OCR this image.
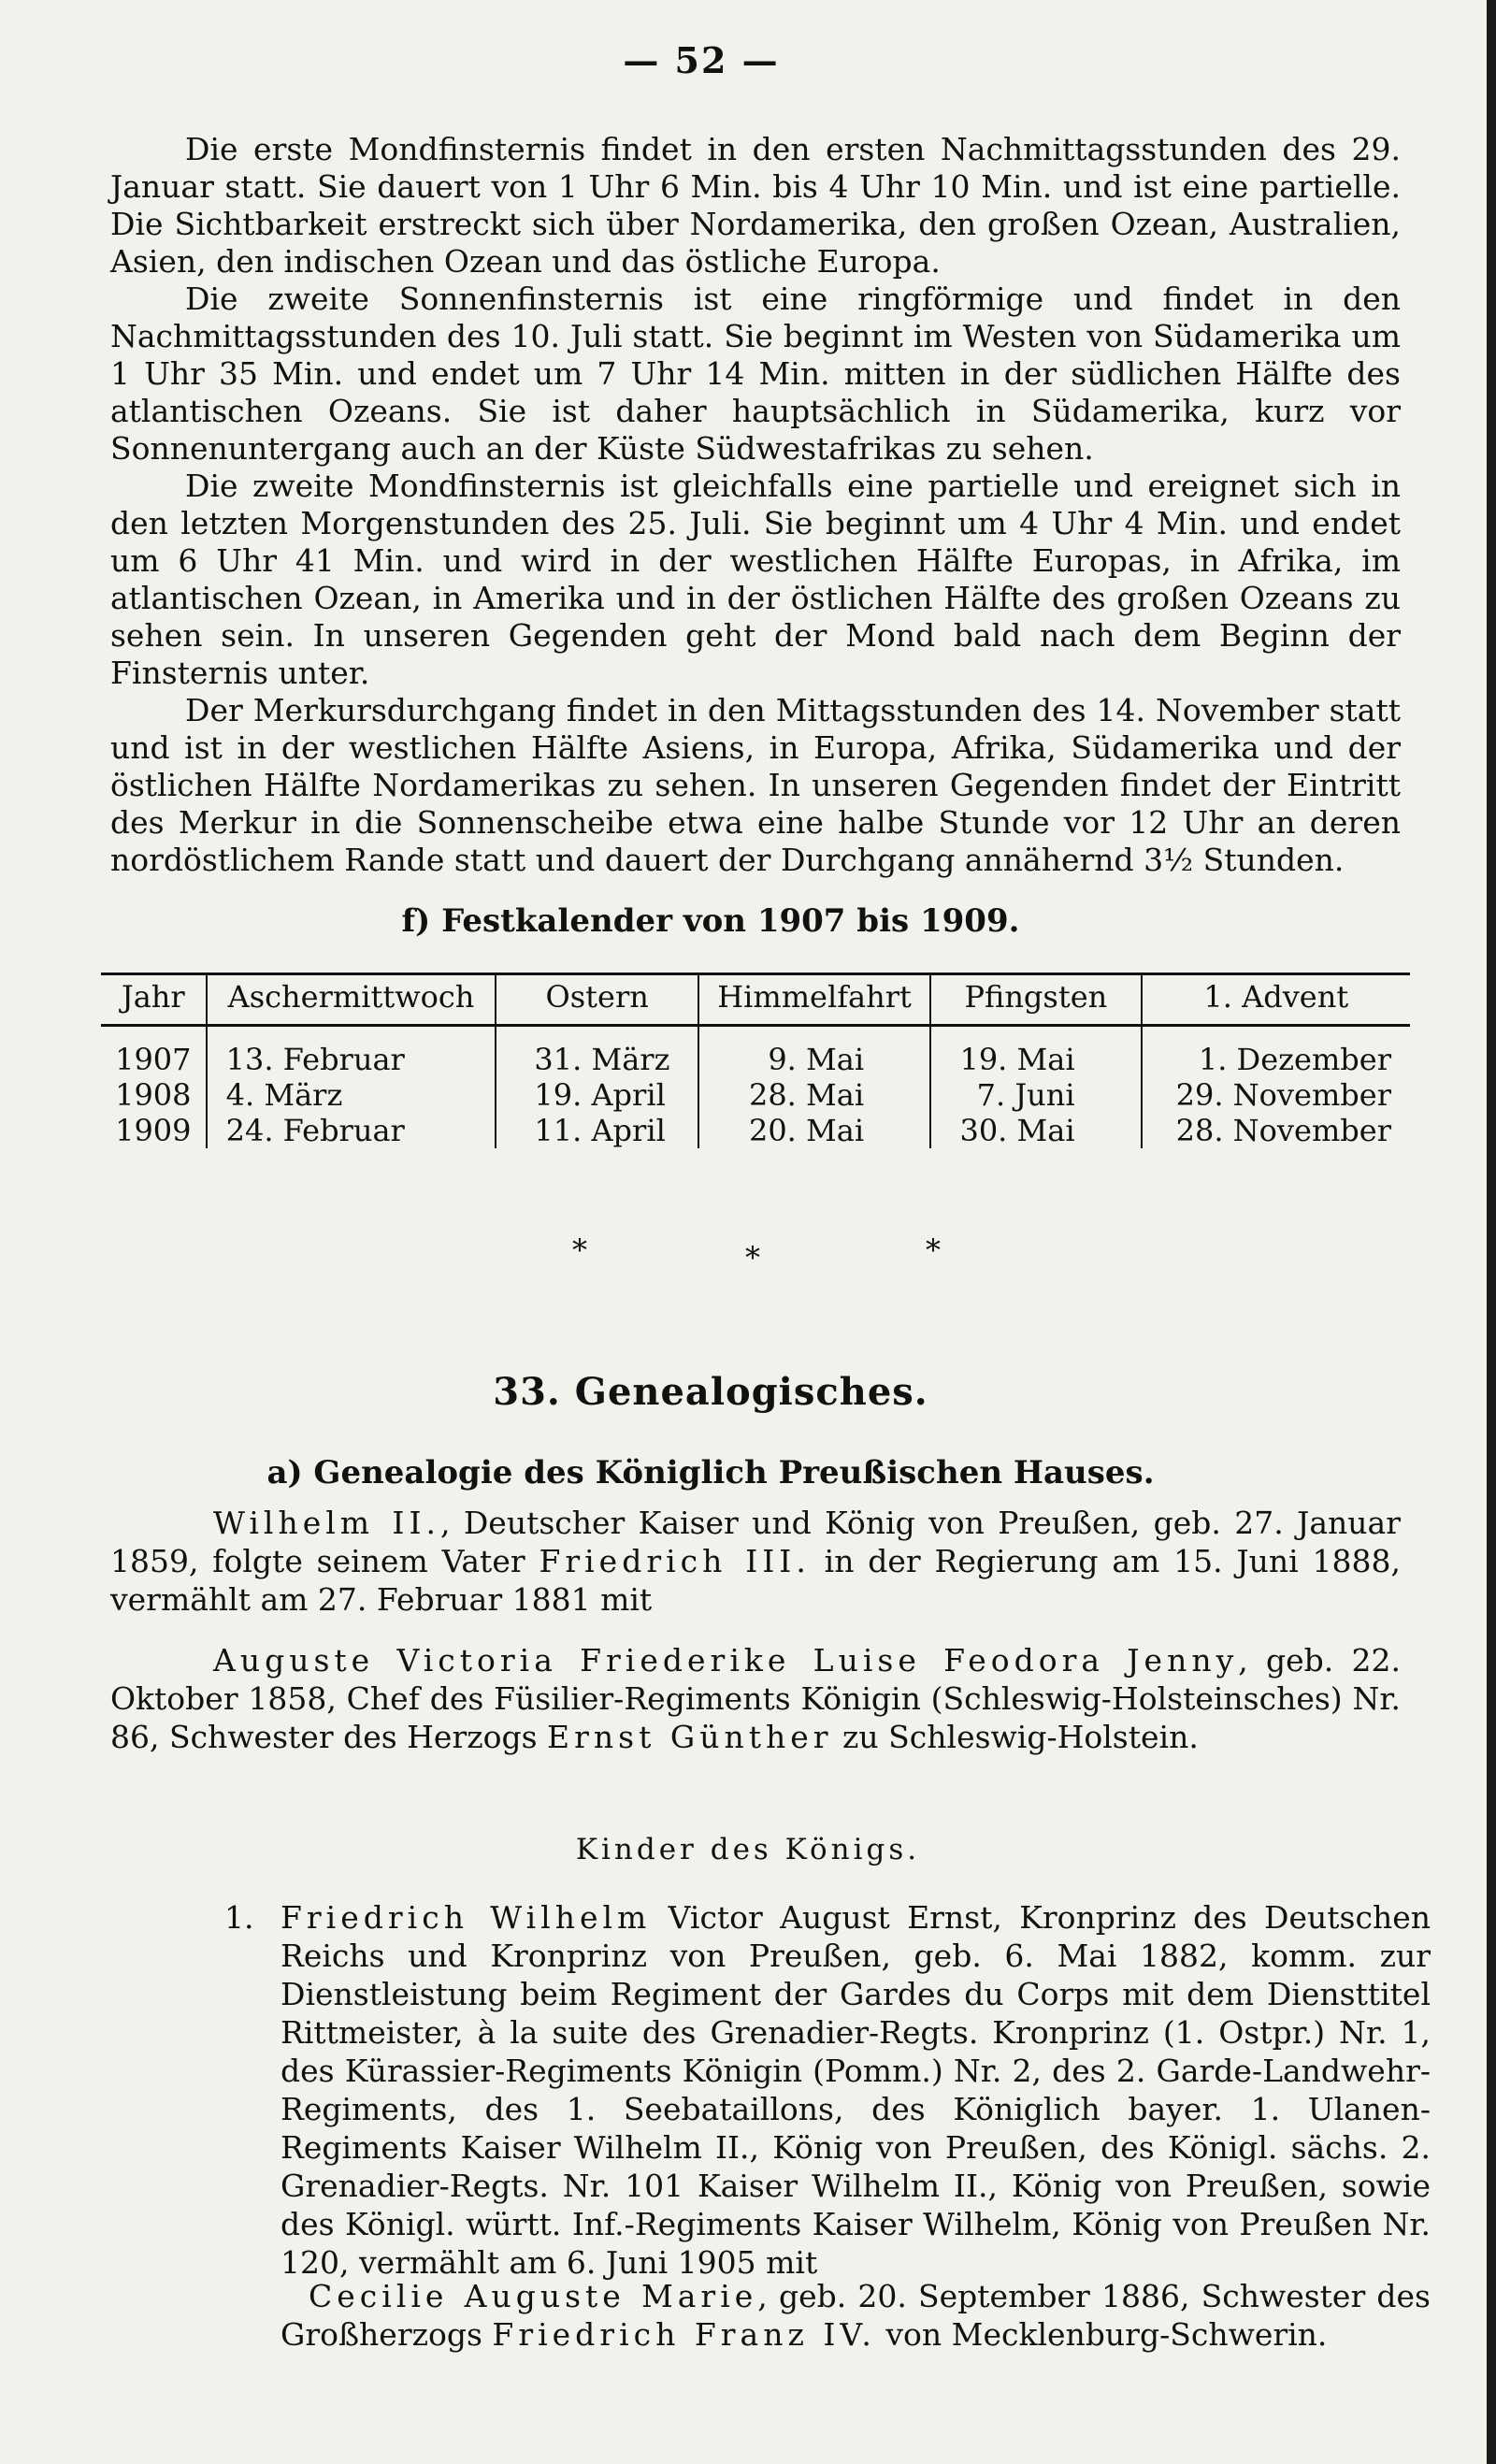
— 52 —

Die erste Mondfinsternis findet in den ersten Nachmittagsstunden des 29. Januar statt. Sie dauert von 1 Uhr 6 Min. bis 4 Uhr 10 Min. und ist eine partielle. Die Sichtbarkeit erstreckt sich über Nordamerika, den großen Ozean, Australien, Asien, den indischen Ozean und das östliche Europa.

Die zweite Sonnenfinsternis ist eine ringförmige und findet in den Nachmittagsstunden des 10. Juli statt. Sie beginnt im Westen von Südamerika um 1 Uhr 35 Min. und endet um 7 Uhr 14 Min. mitten in der südlichen Hälfte des atlantischen Ozeans. Sie ist daher hauptsächlich in Südamerika, kurz vor Sonnenuntergang auch an der Küste Südwestafrikas zu sehen.

Die zweite Mondfinsternis ist gleichfalls eine partielle und ereignet sich in den letzten Morgenstunden des 25. Juli. Sie beginnt um 4 Uhr 4 Min. und endet um 6 Uhr 41 Min. und wird in der westlichen Hälfte Europas, in Afrika, im atlantischen Ozean, in Amerika und in der östlichen Hälfte des großen Ozeans zu sehen sein. In unseren Gegenden geht der Mond bald nach dem Beginn der Finsternis unter.

Der Merkursdurchgang findet in den Mittagsstunden des 14. November statt und ist in der westlichen Hälfte Asiens, in Europa, Afrika, Südamerika und der östlichen Hälfte Nordamerikas zu sehen. In unseren Gegenden findet der Eintritt des Merkur in die Sonnenscheibe etwa eine halbe Stunde vor 12 Uhr an deren nordöstlichem Rande statt und dauert der Durchgang annähernd 3½ Stunden.

f) Festkalender von 1907 bis 1909.
Jahr	Aschermittwoch	Ostern	Himmelfahrt	Pfingsten	1. Advent
1907	13. Februar	31. März	9. Mai	19. Mai	1. Dezember
1908	4. März	19. April	28. Mai	7. Juni	29. November
1909	24. Februar	11. April	20. Mai	30. Mai	28. November
*	*	*
33. Genealogisches.
a) Genealogie des Königlich Preußischen Hauses.

Wilhelm II., Deutscher Kaiser und König von Preußen, geb. 27. Januar 1859, folgte seinem Vater Friedrich III. in der Regierung am 15. Juni 1888, vermählt am 27. Februar 1881 mit

Auguste Victoria Friederike Luise Feodora Jenny, geb. 22. Oktober 1858, Chef des Füsilier-Regiments Königin (Schleswig-Holsteinsches) Nr. 86, Schwester des Herzogs Ernst Günther zu Schleswig-Holstein.

Kinder des Königs.
1. Friedrich Wilhelm Victor August Ernst, Kronprinz des Deutschen Reichs und Kronprinz von Preußen, geb. 6. Mai 1882, komm. zur Dienstleistung beim Regiment der Gardes du Corps mit dem Diensttitel Rittmeister, à la suite des Grenadier-Regts. Kronprinz (1. Ostpr.) Nr. 1, des Kürassier-Regiments Königin (Pomm.) Nr. 2, des 2. Garde-Landwehr-Regiments, des 1. Seebataillons, des Königlich bayer. 1. Ulanen-Regiments Kaiser Wilhelm II., König von Preußen, des Königl. sächs. 2. Grenadier-Regts. Nr. 101 Kaiser Wilhelm II., König von Preußen, sowie des Königl. württ. Inf.-Regiments Kaiser Wilhelm, König von Preußen Nr. 120, vermählt am 6. Juni 1905 mit
Cecilie Auguste Marie, geb. 20. September 1886, Schwester des Großherzogs Friedrich Franz IV. von Mecklenburg-Schwerin.
